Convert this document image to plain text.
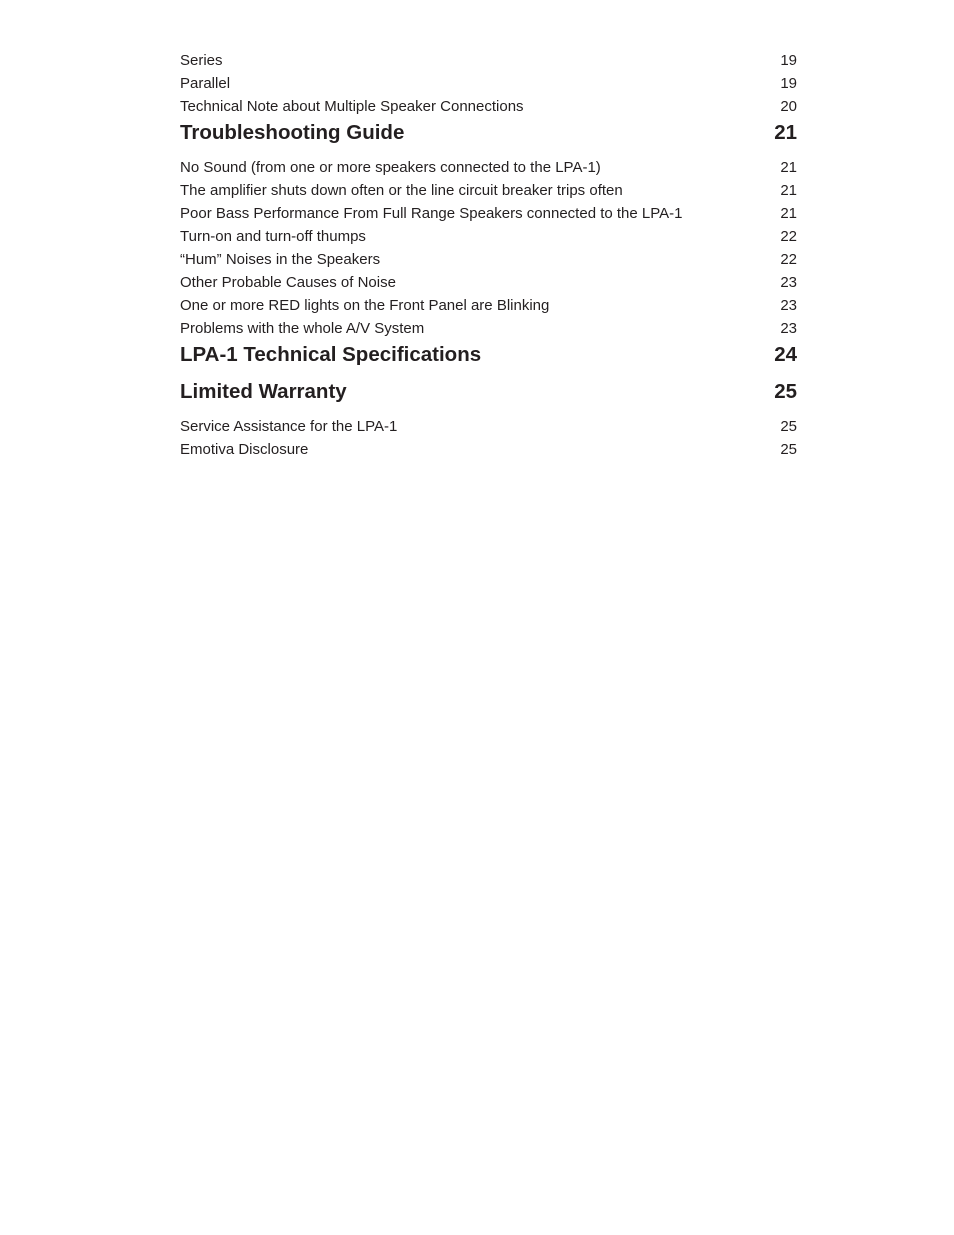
Series	19
Parallel	19
Technical Note about Multiple Speaker Connections	20
Troubleshooting Guide	21
No Sound (from one or more speakers connected to the LPA-1)	21
The amplifier shuts down often or the line circuit breaker trips often	21
Poor Bass Performance From Full Range Speakers connected to the LPA-1	21
Turn-on and turn-off thumps	22
“Hum” Noises in the Speakers	22
Other Probable Causes of Noise	23
One or more RED lights on the Front Panel are Blinking	23
Problems with the whole A/V System	23
LPA-1 Technical Specifications	24
Limited Warranty	25
Service Assistance for the LPA-1	25
Emotiva Disclosure	25
